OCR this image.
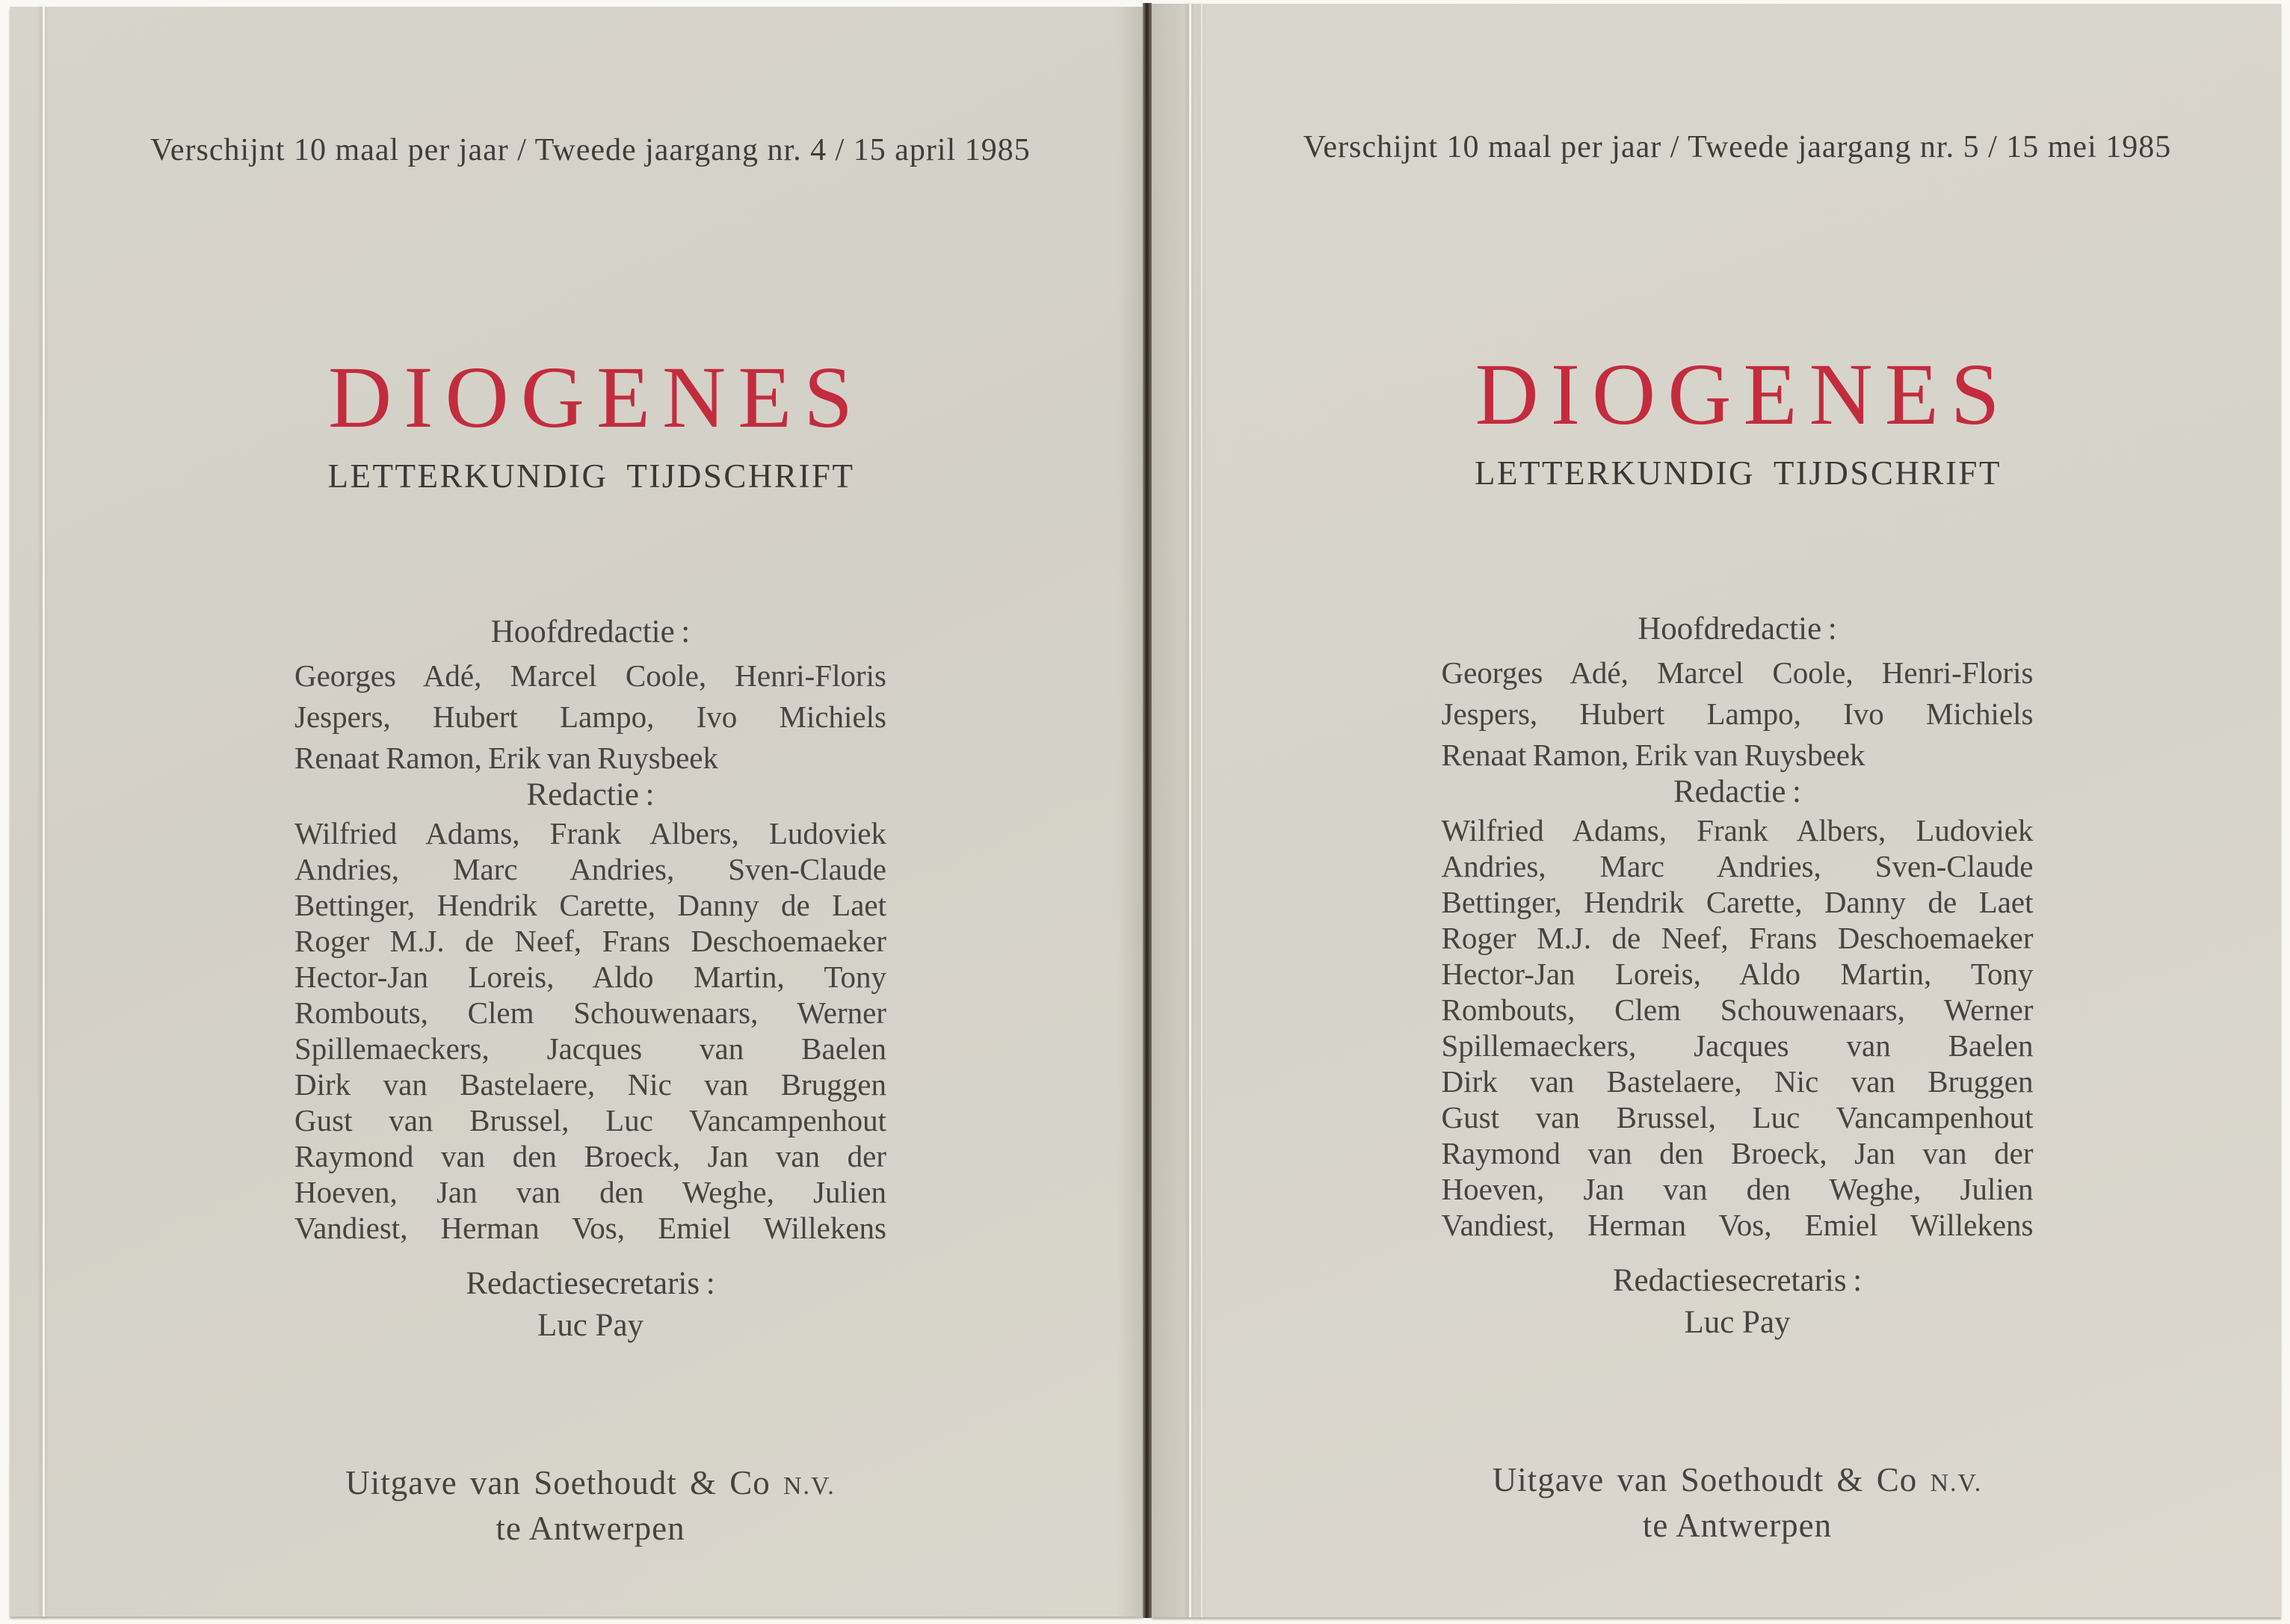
Verschijnt 10 maal per jaar / Tweede jaargang nr. 4 / 15 april 1985
DIOGENES
LETTERKUNDIG TIJDSCHRIFT
Hoofdredactie :
Georges Adé, Marcel Coole, Henri-Floris
Jespers, Hubert Lampo, Ivo Michiels
Renaat Ramon, Erik van Ruysbeek
Redactie :
Wilfried Adams, Frank Albers, Ludoviek
Andries, Marc Andries, Sven-Claude
Bettinger, Hendrik Carette, Danny de Laet
Roger M.J. de Neef, Frans Deschoemaeker
Hector-Jan Loreis, Aldo Martin, Tony
Rombouts, Clem Schouwenaars, Werner
Spillemaeckers, Jacques van Baelen
Dirk van Bastelaere, Nic van Bruggen
Gust van Brussel, Luc Vancampenhout
Raymond van den Broeck, Jan van der
Hoeven, Jan van den Weghe, Julien
Vandiest, Herman Vos, Emiel Willekens
Redactiesecretaris :
Luc Pay
Uitgave van Soethoudt & Co N.V.
te Antwerpen
Verschijnt 10 maal per jaar / Tweede jaargang nr. 5 / 15 mei 1985
DIOGENES
LETTERKUNDIG TIJDSCHRIFT
Hoofdredactie :
Georges Adé, Marcel Coole, Henri-Floris
Jespers, Hubert Lampo, Ivo Michiels
Renaat Ramon, Erik van Ruysbeek
Redactie :
Wilfried Adams, Frank Albers, Ludoviek
Andries, Marc Andries, Sven-Claude
Bettinger, Hendrik Carette, Danny de Laet
Roger M.J. de Neef, Frans Deschoemaeker
Hector-Jan Loreis, Aldo Martin, Tony
Rombouts, Clem Schouwenaars, Werner
Spillemaeckers, Jacques van Baelen
Dirk van Bastelaere, Nic van Bruggen
Gust van Brussel, Luc Vancampenhout
Raymond van den Broeck, Jan van der
Hoeven, Jan van den Weghe, Julien
Vandiest, Herman Vos, Emiel Willekens
Redactiesecretaris :
Luc Pay
Uitgave van Soethoudt & Co N.V.
te Antwerpen
